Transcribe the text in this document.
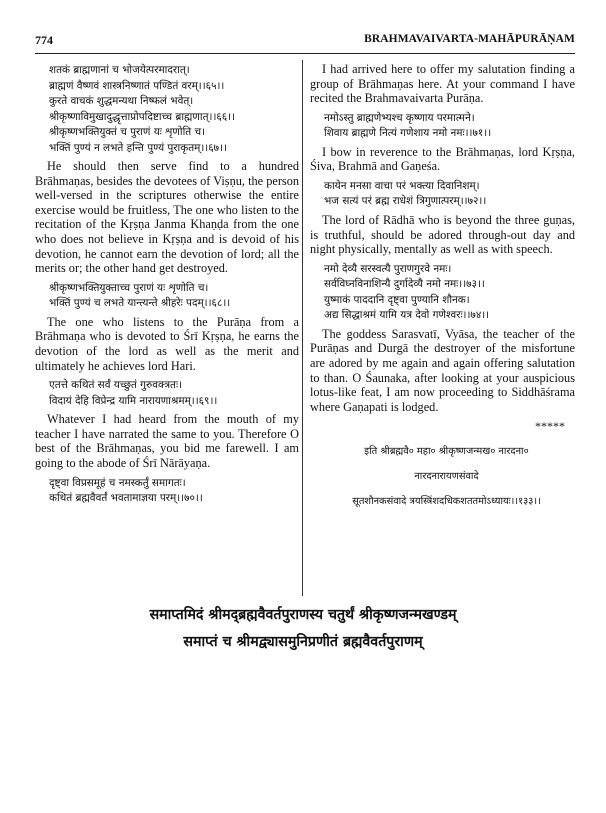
774	BRAHMAVAIVARTA-MAHĀPURĀṆAM

शतकं ब्राह्मणानां च भोजयेत्परमादरात्।

ब्राह्मणं वैष्णवं शास्त्रनिष्णातं पण्डितं वरम्।।६५।।

कुरते वाचकं शुद्धमन्यथा निष्फलं भवेत्।

श्रीकृष्णाविमुखादुद्धृत्ताप्रोपदिष्टाच्च ब्राह्मणात्।।६६।।

श्रीकृष्णभक्तियुक्तं च पुराणं यः शृणोति च।

भक्तिं पुण्यं न लभते हन्ति पुण्यं पुराकृतम्।।६७।।

He should then serve find to a hundred Brāhmaṇas, besides the devotees of Viṣṇu, the person well-versed in the scriptures otherwise the entire exercise would be fruitless, The one who listen to the recitation of the Kṛṣṇa Janma Khaṇḍa from the one who does not believe in Kṛṣṇa and is devoid of his devotion, he cannot earn the devotion of lord; all the merits or; the other hand get destroyed.

श्रीकृष्णभक्तियुक्ताच्च पुराणं यः शृणोति च।

भक्तिं पुण्यं च लभते यान्त्यन्ते श्रीहरेः पदम्।।६८।।

The one who listens to the Purāṇa from a Brāhmaṇa who is devoted to Śrī Kṛṣṇa, he earns the devotion of the lord as well as the merit and ultimately he achieves lord Hari.

एतत्ते कथितं सर्वं यच्छुतं गुरुवक्त्रतः।

विदायं देहि विप्रेन्द्र यामि नारायणाश्रमम्।।६९।।

Whatever I had heard from the mouth of my teacher I have narrated the same to you. Therefore O best of the Brāhmaṇas, you bid me farewell. I am going to the abode of Śrī Nārāyaṇa.

दृष्ट्वा विप्रसमूहं च नमस्कर्तुं समागतः।

कथितं ब्रह्मवैवर्तं भवतामाज्ञया परम्।।७०।।

I had arrived here to offer my salutation finding a group of Brāhmaṇas here. At your command I have recited the Brahmavaivarta Purāṇa.

नमोऽस्तु ब्राह्मणेभ्यश्च कृष्णाय परमात्मने।

शिवाय ब्राह्मणे नित्यं गणेशाय नमो नमः।।७१।।

I bow in reverence to the Brāhmaṇas, lord Kṛṣṇa, Śiva, Brahmā and Gaṇeśa.

कायेन मनसा वाचा परं भक्त्या दिवानिशम्।

भज सत्यं परं ब्रह्म राधेशं त्रिगुणात्परम्।।७२।।

The lord of Rādhā who is beyond the three guṇas, is truthful, should be adored through-out day and night physically, mentally as well as with speech.

नमो देव्यै सरस्वत्यै पुराणगुरवे नमः।

सर्वविघ्नविनाशिन्यै दुर्गादेव्यै नमो नमः।।७३।।

युष्माकं पाददानि दृष्ट्वा पुण्यानि शौनक।

अद्य सिद्धाश्रमं यामि यत्र देवो गणेश्वरः।।७४।।

The goddess Sarasvatī, Vyāsa, the teacher of the Purāṇas and Durgā the destroyer of the misfortune are adored by me again and again offering salutation to than. O Śaunaka, after looking at your auspicious lotus-like feat, I am now proceeding to Siddhāśrama where Gaṇapati is lodged.

*****

इति श्रीब्रह्मवै० महा० श्रीकृष्णजन्मख० नारदना०

नारदनारायणसंवादे

सूतशौनकसंवादे त्रयस्त्रिंशदधिकशततमोऽध्यायः।।१३३।।

समाप्तमिदं श्रीमद्ब्रह्मवैवर्तपुराणस्य चतुर्थं श्रीकृष्णजन्मखण्डम्
समाप्तं च श्रीमद्व्यासमुनिप्रणीतं ब्रह्मवैवर्तपुराणम्
